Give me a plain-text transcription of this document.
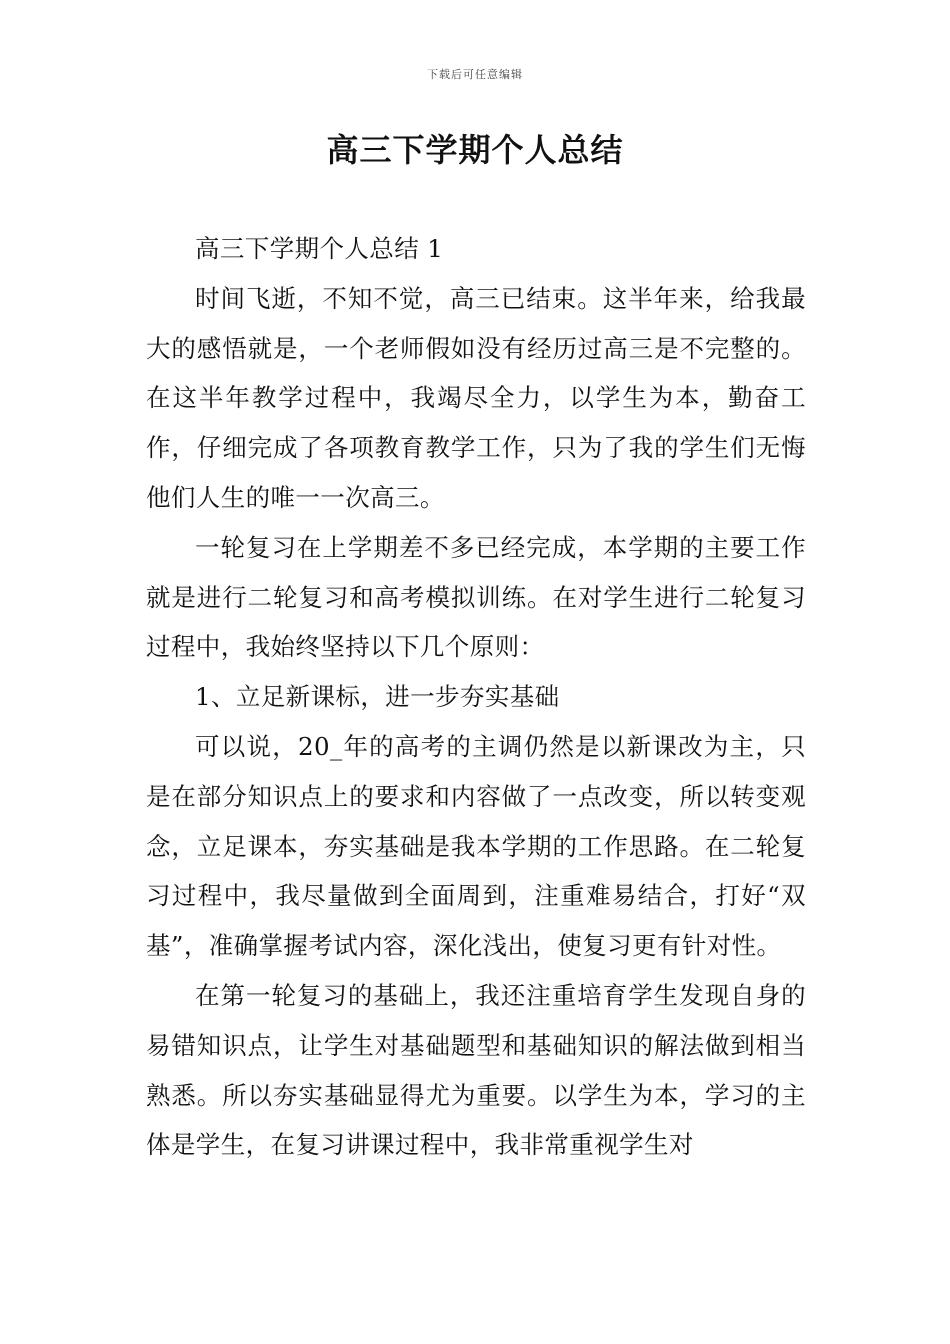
下载后可任意编辑
高三下学期个人总结

高三下学期个人总结 1

时间飞逝，不知不觉，高三已结束。这半年来，给我最大的感悟就是，一个老师假如没有经历过高三是不完整的。在这半年教学过程中，我竭尽全力，以学生为本，勤奋工作，仔细完成了各项教育教学工作，只为了我的学生们无悔他们人生的唯一一次高三。

一轮复习在上学期差不多已经完成，本学期的主要工作就是进行二轮复习和高考模拟训练。在对学生进行二轮复习过程中，我始终坚持以下几个原则：

1、立足新课标，进一步夯实基础

可以说，20_年的高考的主调仍然是以新课改为主，只是在部分知识点上的要求和内容做了一点改变，所以转变观念，立足课本，夯实基础是我本学期的工作思路。在二轮复习过程中，我尽量做到全面周到，注重难易结合，打好“双基”，准确掌握考试内容，深化浅出，使复习更有针对性。

在第一轮复习的基础上，我还注重培育学生发现自身的易错知识点，让学生对基础题型和基础知识的解法做到相当熟悉。所以夯实基础显得尤为重要。以学生为本，学习的主体是学生，在复习讲课过程中，我非常重视学生对
